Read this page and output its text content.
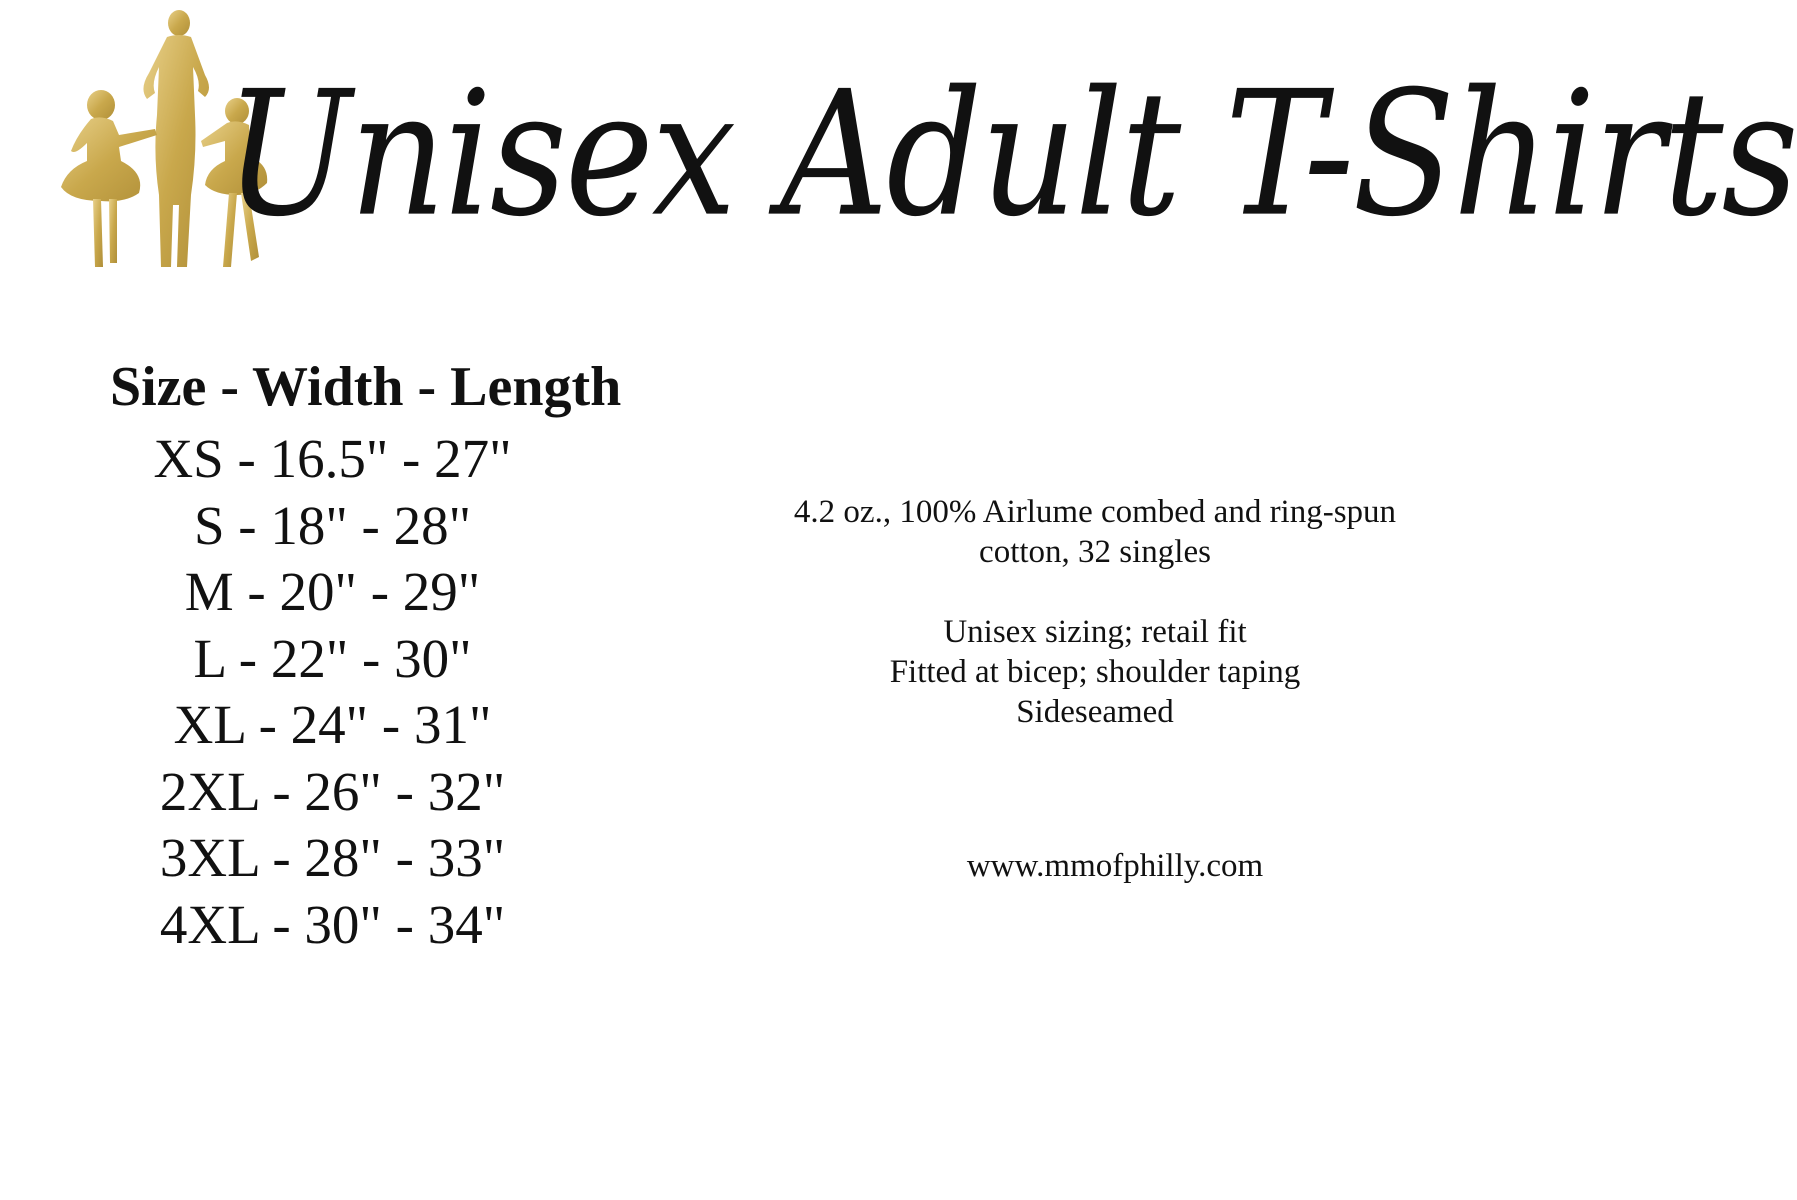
Unisex Adult T-Shirts
Size - Width - Length
XS - 16.5" - 27"
S - 18" - 28"
M - 20" - 29"
L - 22" - 30"
XL - 24" - 31"
2XL - 26" - 32"
3XL - 28" - 33"
4XL - 30" - 34"

4.2 oz., 100% Airlume combed and ring-spun cotton, 32 singles

Unisex sizing; retail fit

Fitted at bicep; shoulder taping

Sideseamed

www.mmofphilly.com
